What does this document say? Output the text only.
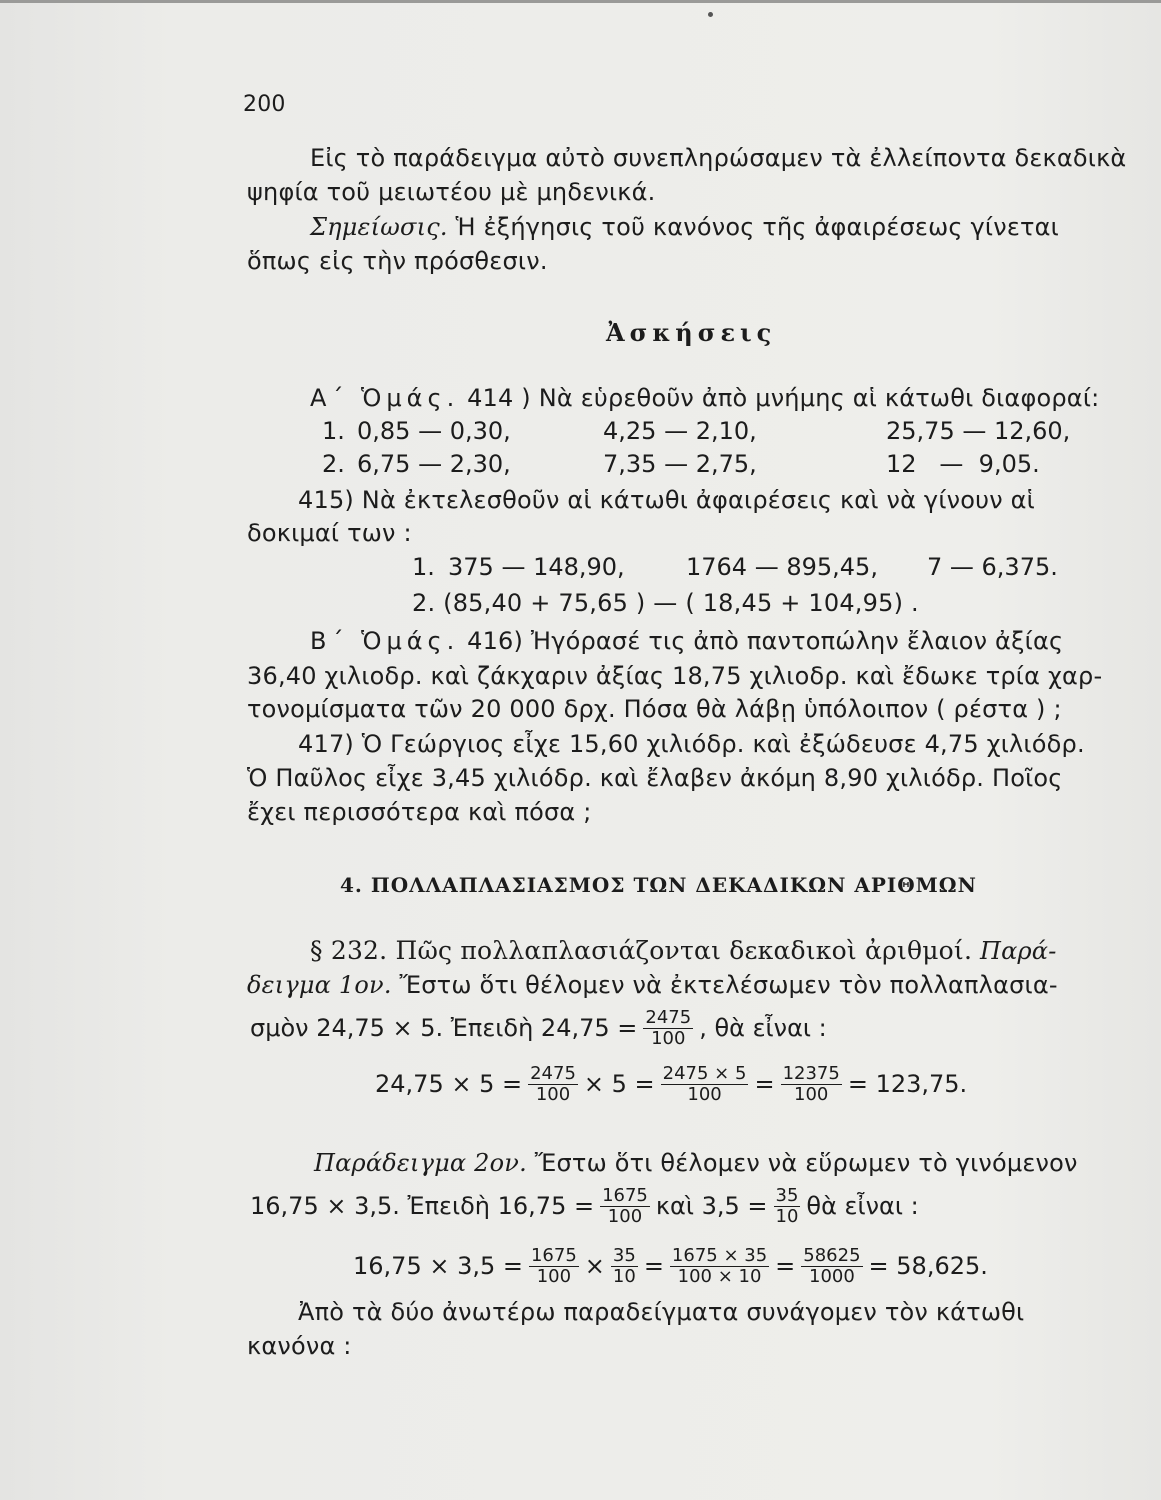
200
Εἰς τὸ παράδειγμα αὐτὸ συνεπληρώσαμεν τὰ ἐλλείποντα δεκαδικὰ
ψηφία τοῦ μειωτέου μὲ μηδενικά.
Σημείωσις. Ἡ ἐξήγησις τοῦ κανόνος τῆς ἀφαιρέσεως γίνεται
ὅπως εἰς τὴν πρόσθεσιν.
Ἀσκήσεις
Α΄ Ὁμάς. 414 ) Νὰ εὑρεθοῦν ἀπὸ μνήμης αἱ κάτωθι διαφοραί:
1. 0,85 — 0,30,	4,25 — 2,10,	25,75 — 12,60,
2. 6,75 — 2,30,	7,35 — 2,75,	12   —  9,05.
415) Νὰ ἐκτελεσθοῦν αἱ κάτωθι ἀφαιρέσεις καὶ νὰ γίνουν αἱ
δοκιμαί των :
1. 375 — 148,90,	1764 — 895,45, 7 — 6,375.
2. (85,40 + 75,65 ) — ( 18,45 + 104,95) .
Β΄ Ὁμάς. 416) Ἠγόρασέ τις ἀπὸ παντοπώλην ἔλαιον ἀξίας
36,40 χιλιοδρ. καὶ ζάκχαριν ἀξίας 18,75 χιλιοδρ. καὶ ἔδωκε τρία χαρ-
τονομίσματα τῶν 20 000 δρχ. Πόσα θὰ λάβῃ ὑπόλοιπον ( ρέστα ) ;
417) Ὁ Γεώργιος εἶχε 15,60 χιλιόδρ. καὶ ἐξώδευσε 4,75 χιλιόδρ.
Ὁ Παῦλος εἶχε 3,45 χιλιόδρ. καὶ ἔλαβεν ἀκόμη 8,90 χιλιόδρ. Ποῖος
ἔχει περισσότερα καὶ πόσα ;
4. ΠΟΛΛΑΠΛΑΣΙΑΣΜΟΣ ΤΩΝ ΔΕΚΑΔΙΚΩΝ ΑΡΙΘΜΩΝ
§ 232. Πῶς πολλαπλασιάζονται δεκαδικοὶ ἀριθμοί. Παρά-
δειγμα 1ον. Ἔστω ὅτι θέλομεν νὰ ἐκτελέσωμεν τὸν πολλαπλασια-
σμὸν 24,75 × 5. Ἐπειδὴ $24,75 = \frac{2475}{100}$ , θὰ εἶναι :
$24,75 \times 5 = \frac{2475}{100} \times 5 = \frac{2475 \times 5}{100} = \frac{12375}{100} = 123,75$.
Παράδειγμα 2ον. Ἔστω ὅτι θέλομεν νὰ εὕρωμεν τὸ γινόμενον
16,75 × 3,5. Ἐπειδὴ $16,75 = \frac{1675}{100}$ καὶ $3,5 = \frac{35}{10}$ θὰ εἶναι :
$16,75 \times 3,5 = \frac{1675}{100} \times \frac{35}{10} = \frac{1675 \times 35}{100 \times 10} = \frac{58625}{1000} = 58,625$.
Ἀπὸ τὰ δύο ἀνωτέρω παραδείγματα συνάγομεν τὸν κάτωθι
κανόνα :
